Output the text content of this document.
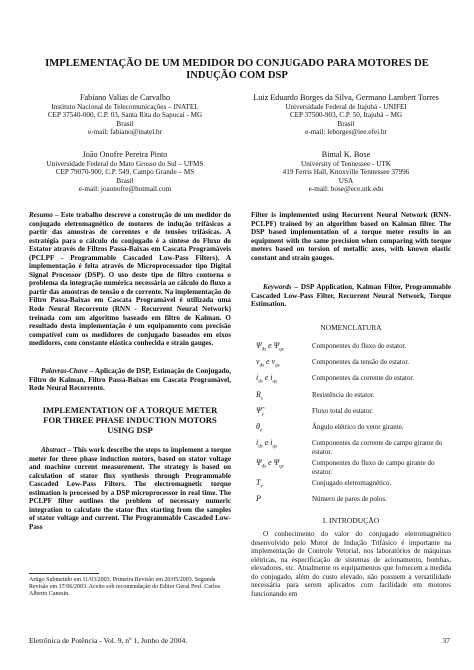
IMPLEMENTAÇÃO DE UM MEDIDOR DO CONJUGADO PARA MOTORES DE INDUÇÃO COM DSP
Fabiano Valias de Carvalho
Instituto Nacional de Telecomunicações – INATEL
CEP 37540-000, C.P. 03, Santa Rita do Sapucaí - MG
Brasil
e-mail: fabiano@inatel.br
Luiz Eduardo Borges da Silva, Germano Lambert Torres
Universidade Federal de Itajubá - UNIFEI
CEP 37500-903, C.P. 50, Itajubá – MG
Brasil
e-mail: leborges@iee.efei.br
João Onofre Pereira Pinto
Universidade Federal do Mato Grosso do Sul – UFMS
CEP 79070-900, C.P. 549, Campo Grande – MS
Brasil
e-mail: joaonofre@hotmail.com
Bimal K. Bose
University of Tennessee - UTK
419 Ferris Hall, Knoxville Tennessee 37996
USA
e-mail: bose@ece.utk.edu
Resumo – Este trabalho descreve a construção de um medidor do conjugado eletromagnético de motores de indução trifásicos a partir das amostras de correntes e de tensões trifásicas. A estratégia para o cálculo do conjugado é a síntese do Fluxo do Estator através de Filtros Passa-Baixas em Cascata Programáveis (PCLPF - Programmable Cascaded Low-Pass Filters). A implementação é feita através de Microprocessador tipo Digital Signal Processor (DSP). O uso deste tipo de filtro contorna o problema da integração numérica necessária ao cálculo do fluxo a partir das amostras de tensão e de corrente. Na implementação do Filtro Passa-Baixas em Cascata Programável é utilizada uma Rede Neural Recorrente (RNN - Recurrent Neural Network) treinada com um algoritmo baseado em filtro de Kalman. O resultado desta implementação é um equipamento com precisão compatível com os medidores de conjugado baseados em eixos medidores, com constante elástica conhecida e strain gauges.
Palavras-Chave – Aplicação de DSP, Estimação de Conjugado, Filtro de Kalman, Filtro Passa-Baixas em Cascata Programável, Rede Neural Recorrente.
IMPLEMENTATION OF A TORQUE METER FOR THREE PHASE INDUCTION MOTORS USING DSP
Abstract – This work describe the steps to implement a torque meter for three phase induction motors, based on stator voltage and machine current measurement. The strategy is based on calculation of stator flux synthesis through Programmable Cascaded Low-Pass Filters. The electromagnetic torque estimation is processed by a DSP microprocessor in real time. The PCLPF filter outlines the problem of necessary numeric integration to calculate the stator flux starting from the samples of stator voltage and current. The Programmable Cascaded Low-Pass
Artigo Submetido em 11/03/2003. Primeira Revisão em 20/05/2003. Segunda Revisão em 17/06/2003. Aceito sob recomendação do Editor Geral Prof. Carlos Alberto Canesin.
Filter is implemented using Recurrent Neural Network (RNN-PCLPF) trained by an algorithm based on Kalman filter. The DSP based implementation of a torque meter results in an equipment with the same precision when comparing with torque meters based on torsion of metallic axes, with known elastic constant and strain gauges.
Keywords – DSP Application, Kalman Filter, Programmable Cascaded Low-Pass Filter, Recurrent Neural Network, Torque Estimation.
NOMENCLATURA
$\Psi_{ds}$ e $\Psi_{qs}$
Componentes do fluxo do estator.
$v_{ds}$ e $v_{qs}$
Componentes da tensão do estator.
$i_{ds}$ e $i_{qs}$
Componentes da corrente do estator.
$R_s$
Resistência do estator.
$\Psî_s$
Fluxo total do estator.
$\theta_e$
Ângulo elétrico do vetor girante.
$i_{ds}$ e $i_{qs}$
Componentes da corrente de campo girante do estator.
$\Psi_{ds}$ e $\Psi_{qs}$
Componentes do fluxo de campo girante do estator.
$T_e$
Conjugado eletromagnético.
P	Número de pares de polos.
I. INTRODUÇÃO
O conhecimento do valor do conjugado eletromagnético desenvolvido pelo Motor de Indução Trifásico é importante na implementação de Controle Vetorial, nos laboratórios de máquinas elétricas, na especificação de sistemas de acionamento, bombas, elevadores, etc. Atualmente os equipamentos que fornecem a medida do conjugado, além do custo elevado, não possuem a versatilidade necessária para serem aplicados com facilidade em motores funcionando em
Eletrônica de Potência - Vol. 9, nº 1, Junho de 2004.	37
